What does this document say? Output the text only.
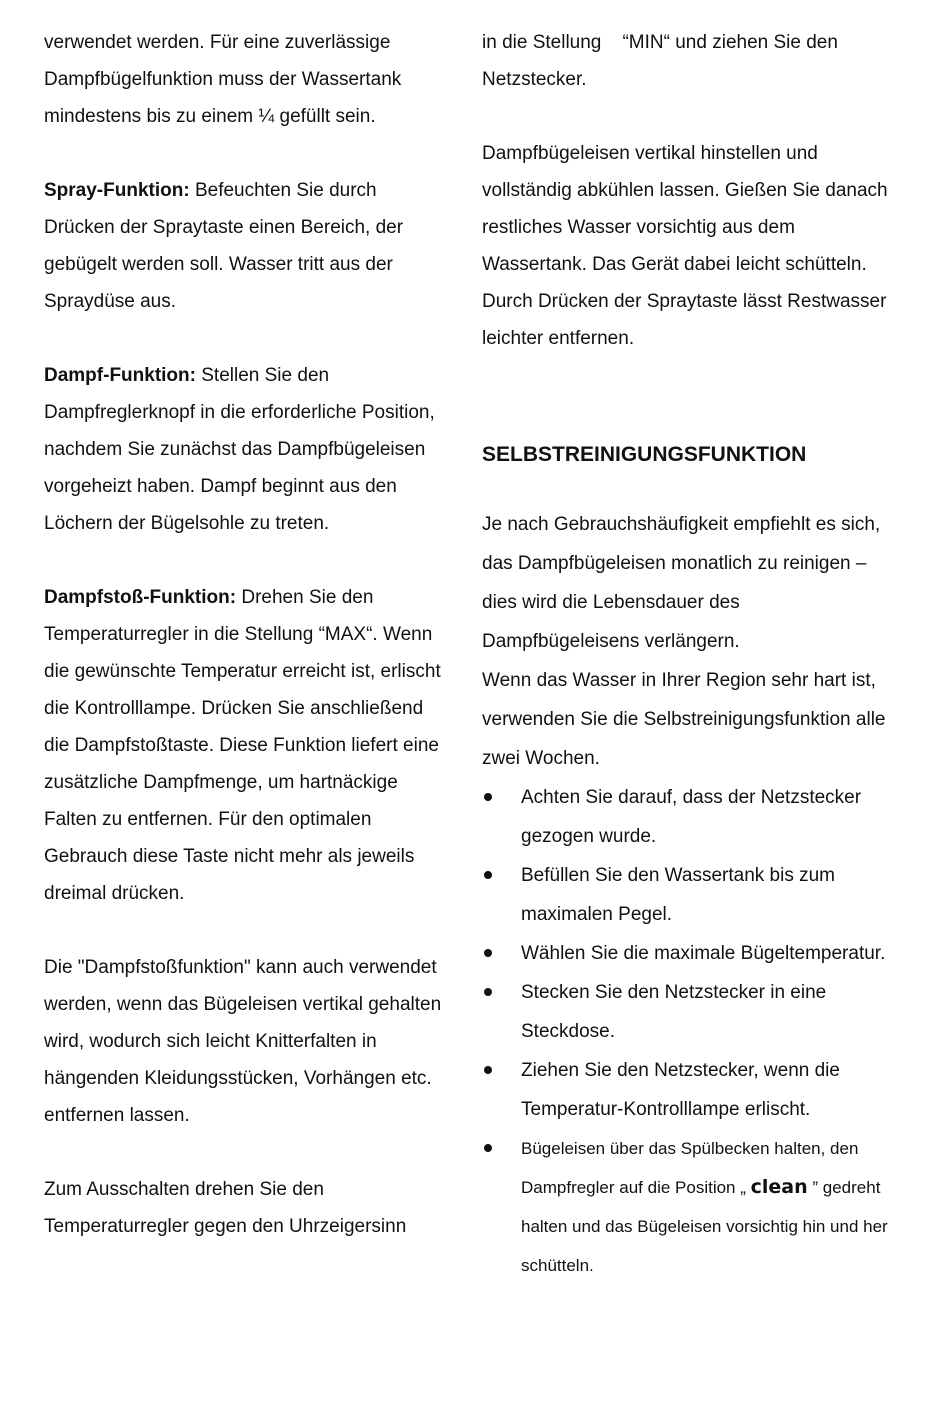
verwendet werden. Für eine zuverlässige Dampfbügelfunktion muss der Wassertank mindestens bis zu einem ¼ gefüllt sein.

Spray-Funktion: Befeuchten Sie durch Drücken der Spraytaste einen Bereich, der gebügelt werden soll. Wasser tritt aus der Spraydüse aus.

Dampf-Funktion: Stellen Sie den Dampfreglerknopf in die erforderliche Position, nachdem Sie zunächst das Dampfbügeleisen vorgeheizt haben. Dampf beginnt aus den Löchern der Bügelsohle zu treten.

Dampfstoß-Funktion: Drehen Sie den Temperaturregler in die Stellung “MAX“. Wenn die gewünschte Temperatur erreicht ist, erlischt die Kontrolllampe. Drücken Sie anschließend die Dampfstoßtaste. Diese Funktion liefert eine zusätzliche Dampfmenge, um hartnäckige Falten zu entfernen. Für den optimalen Gebrauch diese Taste nicht mehr als jeweils dreimal drücken.

Die "Dampfstoßfunktion" kann auch verwendet werden, wenn das Bügeleisen vertikal gehalten wird, wodurch sich leicht Knitterfalten in hängenden Kleidungsstücken, Vorhängen etc. entfernen lassen.

Zum Ausschalten drehen Sie den Temperaturregler gegen den Uhrzeigersinn

in die Stellung    “MIN“ und ziehen Sie den Netzstecker.

Dampfbügeleisen vertikal hinstellen und vollständig abkühlen lassen. Gießen Sie danach restliches Wasser vorsichtig aus dem Wassertank. Das Gerät dabei leicht schütteln. Durch Drücken der Spraytaste lässt Restwasser leichter entfernen.

SELBSTREINIGUNGSFUNKTION

Je nach Gebrauchshäufigkeit empfiehlt es sich, das Dampfbügeleisen monatlich zu reinigen – dies wird die Lebensdauer des Dampfbügeleisens verlängern.

Wenn das Wasser in Ihrer Region sehr hart ist, verwenden Sie die Selbstreinigungsfunktion alle zwei Wochen.

Achten Sie darauf, dass der Netzstecker gezogen wurde.
Befüllen Sie den Wassertank bis zum maximalen Pegel.
Wählen Sie die maximale Bügeltemperatur.
Stecken Sie den Netzstecker in eine Steckdose.
Ziehen Sie den Netzstecker, wenn die Temperatur-Kontrolllampe erlischt.
Bügeleisen über das Spülbecken halten, den Dampfregler auf die Position „ clean ” gedreht halten und das Bügeleisen vorsichtig hin und her schütteln.
